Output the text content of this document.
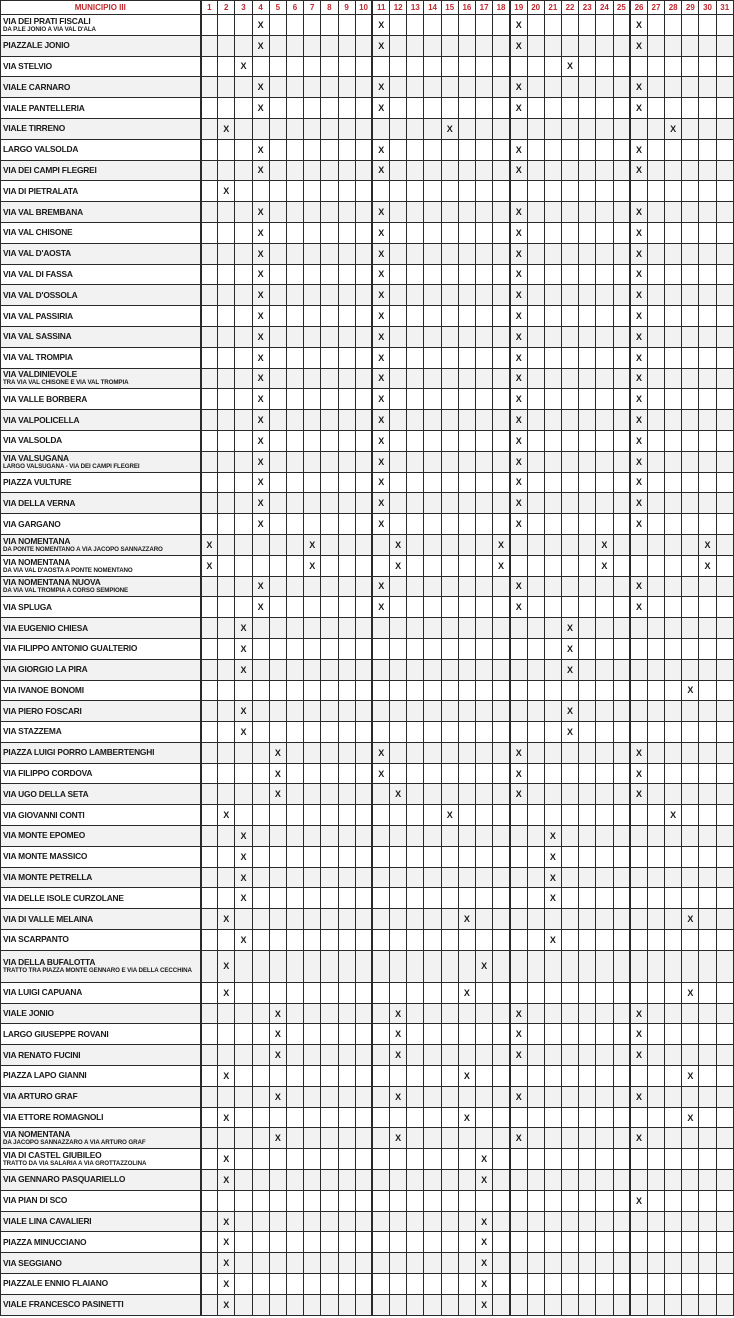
MUNICIPIO III	1	2	3	4	5	6	7	8	9	10	11	12	13	14	15	16	17	18	19	20	21	22	23	24	25	26	27	28	29	30	31
VIA DEI PRATI FISCALI
DA P.LE JONIO A VIA VAL D'ALA				X							X								X							X					
PIAZZALE JONIO				X							X								X							X					
VIA STELVIO			X																			X									
VIALE CARNARO				X							X								X							X					
VIALE PANTELLERIA				X							X								X							X					
VIALE TIRRENO		X													X													X			
LARGO VALSOLDA				X							X								X							X					
VIA DEI CAMPI FLEGREI				X							X								X							X					
VIA DI PIETRALATA		X																													
VIA VAL BREMBANA				X							X								X							X					
VIA VAL CHISONE				X							X								X							X					
VIA VAL D'AOSTA				X							X								X							X					
VIA VAL DI FASSA				X							X								X							X					
VIA VAL D'OSSOLA				X							X								X							X					
VIA VAL PASSIRIA				X							X								X							X					
VIA VAL SASSINA				X							X								X							X					
VIA VAL TROMPIA				X							X								X							X					
VIA VALDINIEVOLE
TRA VIA VAL CHISONE E VIA VAL TROMPIA				X							X								X							X					
VIA VALLE BORBERA				X							X								X							X					
VIA VALPOLICELLA				X							X								X							X					
VIA VALSOLDA				X							X								X							X					
VIA VALSUGANA
LARGO VALSUGANA - VIA DEI CAMPI FLEGREI				X							X								X							X					
PIAZZA VULTURE				X							X								X							X					
VIA DELLA VERNA				X							X								X							X					
VIA GARGANO				X							X								X							X					
VIA NOMENTANA
DA PONTE NOMENTANO A VIA JACOPO SANNAZZARO	X						X					X						X						X						X	
VIA NOMENTANA
DA VIA VAL D'AOSTA A PONTE NOMENTANO	X						X					X						X						X						X	
VIA NOMENTANA NUOVA
DA VIA VAL TROMPIA A CORSO SEMPIONE				X							X								X							X					
VIA SPLUGA				X							X								X							X					
VIA EUGENIO CHIESA			X																			X									
VIA FILIPPO ANTONIO GUALTERIO			X																			X									
VIA GIORGIO LA PIRA			X																			X									
VIA IVANOE BONOMI																													X		
VIA PIERO FOSCARI			X																			X									
VIA STAZZEMA			X																			X									
PIAZZA LUIGI PORRO LAMBERTENGHI					X						X								X							X					
VIA FILIPPO CORDOVA					X						X								X							X					
VIA UGO DELLA SETA					X							X							X							X					
VIA GIOVANNI CONTI		X													X													X			
VIA MONTE EPOMEO			X																		X										
VIA MONTE MASSICO			X																		X										
VIA MONTE PETRELLA			X																		X										
VIA DELLE ISOLE CURZOLANE			X																		X										
VIA DI VALLE MELAINA		X														X													X		
VIA SCARPANTO			X																		X										
VIA DELLA BUFALOTTA
TRATTO TRA PIAZZA MONTE GENNARO E VIA DELLA CECCHINA		X															X														
VIA LUIGI CAPUANA		X														X													X		
VIALE JONIO					X							X							X							X					
LARGO GIUSEPPE ROVANI					X							X							X							X					
VIA RENATO FUCINI					X							X							X							X					
PIAZZA LAPO GIANNI		X														X													X		
VIA ARTURO GRAF					X							X							X							X					
VIA ETTORE ROMAGNOLI		X														X													X		
VIA NOMENTANA
DA JACOPO SANNAZZARO A VIA ARTURO GRAF					X							X							X							X					
VIA DI CASTEL GIUBILEO
TRATTO DA VIA SALARIA A VIA GROTTAZZOLINA		X															X														
VIA GENNARO PASQUARIELLO		X															X														
VIA PIAN DI SCO																										X					
VIALE LINA CAVALIERI		X															X														
PIAZZA MINUCCIANO		X															X														
VIA SEGGIANO		X															X														
PIAZZALE ENNIO FLAIANO		X															X														
VIALE FRANCESCO PASINETTI		X															X														
